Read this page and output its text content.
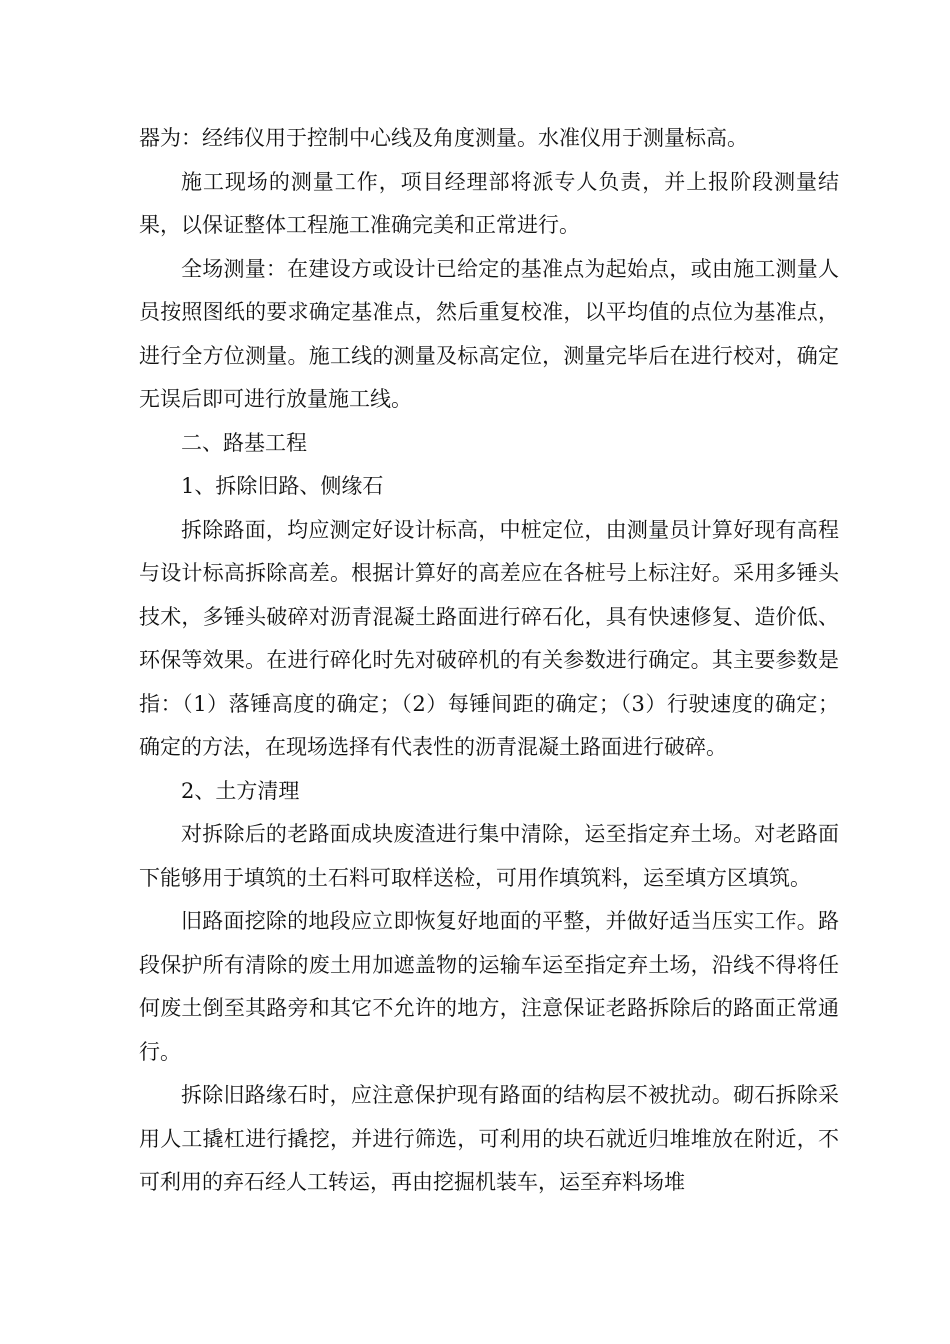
器为：经纬仪用于控制中心线及角度测量。水准仪用于测量标高。

施工现场的测量工作，项目经理部将派专人负责，并上报阶段测量结果，以保证整体工程施工准确完美和正常进行。

全场测量：在建设方或设计已给定的基准点为起始点，或由施工测量人员按照图纸的要求确定基准点，然后重复校准，以平均值的点位为基准点，进行全方位测量。施工线的测量及标高定位，测量完毕后在进行校对，确定无误后即可进行放量施工线。

二、路基工程

1、拆除旧路、侧缘石

拆除路面，均应测定好设计标高，中桩定位，由测量员计算好现有高程与设计标高拆除高差。根据计算好的高差应在各桩号上标注好。采用多锤头技术，多锤头破碎对沥青混凝土路面进行碎石化，具有快速修复、造价低、环保等效果。在进行碎化时先对破碎机的有关参数进行确定。其主要参数是指：（1）落锤高度的确定；（2）每锤间距的确定；（3）行驶速度的确定；确定的方法，在现场选择有代表性的沥青混凝土路面进行破碎。

2、土方清理

对拆除后的老路面成块废渣进行集中清除，运至指定弃土场。对老路面下能够用于填筑的土石料可取样送检，可用作填筑料，运至填方区填筑。

旧路面挖除的地段应立即恢复好地面的平整，并做好适当压实工作。路段保护所有清除的废土用加遮盖物的运输车运至指定弃土场，沿线不得将任何废土倒至其路旁和其它不允许的地方，注意保证老路拆除后的路面正常通行。

拆除旧路缘石时，应注意保护现有路面的结构层不被扰动。砌石拆除采用人工撬杠进行撬挖，并进行筛选，可利用的块石就近归堆堆放在附近，不可利用的弃石经人工转运，再由挖掘机装车，运至弃料场堆
